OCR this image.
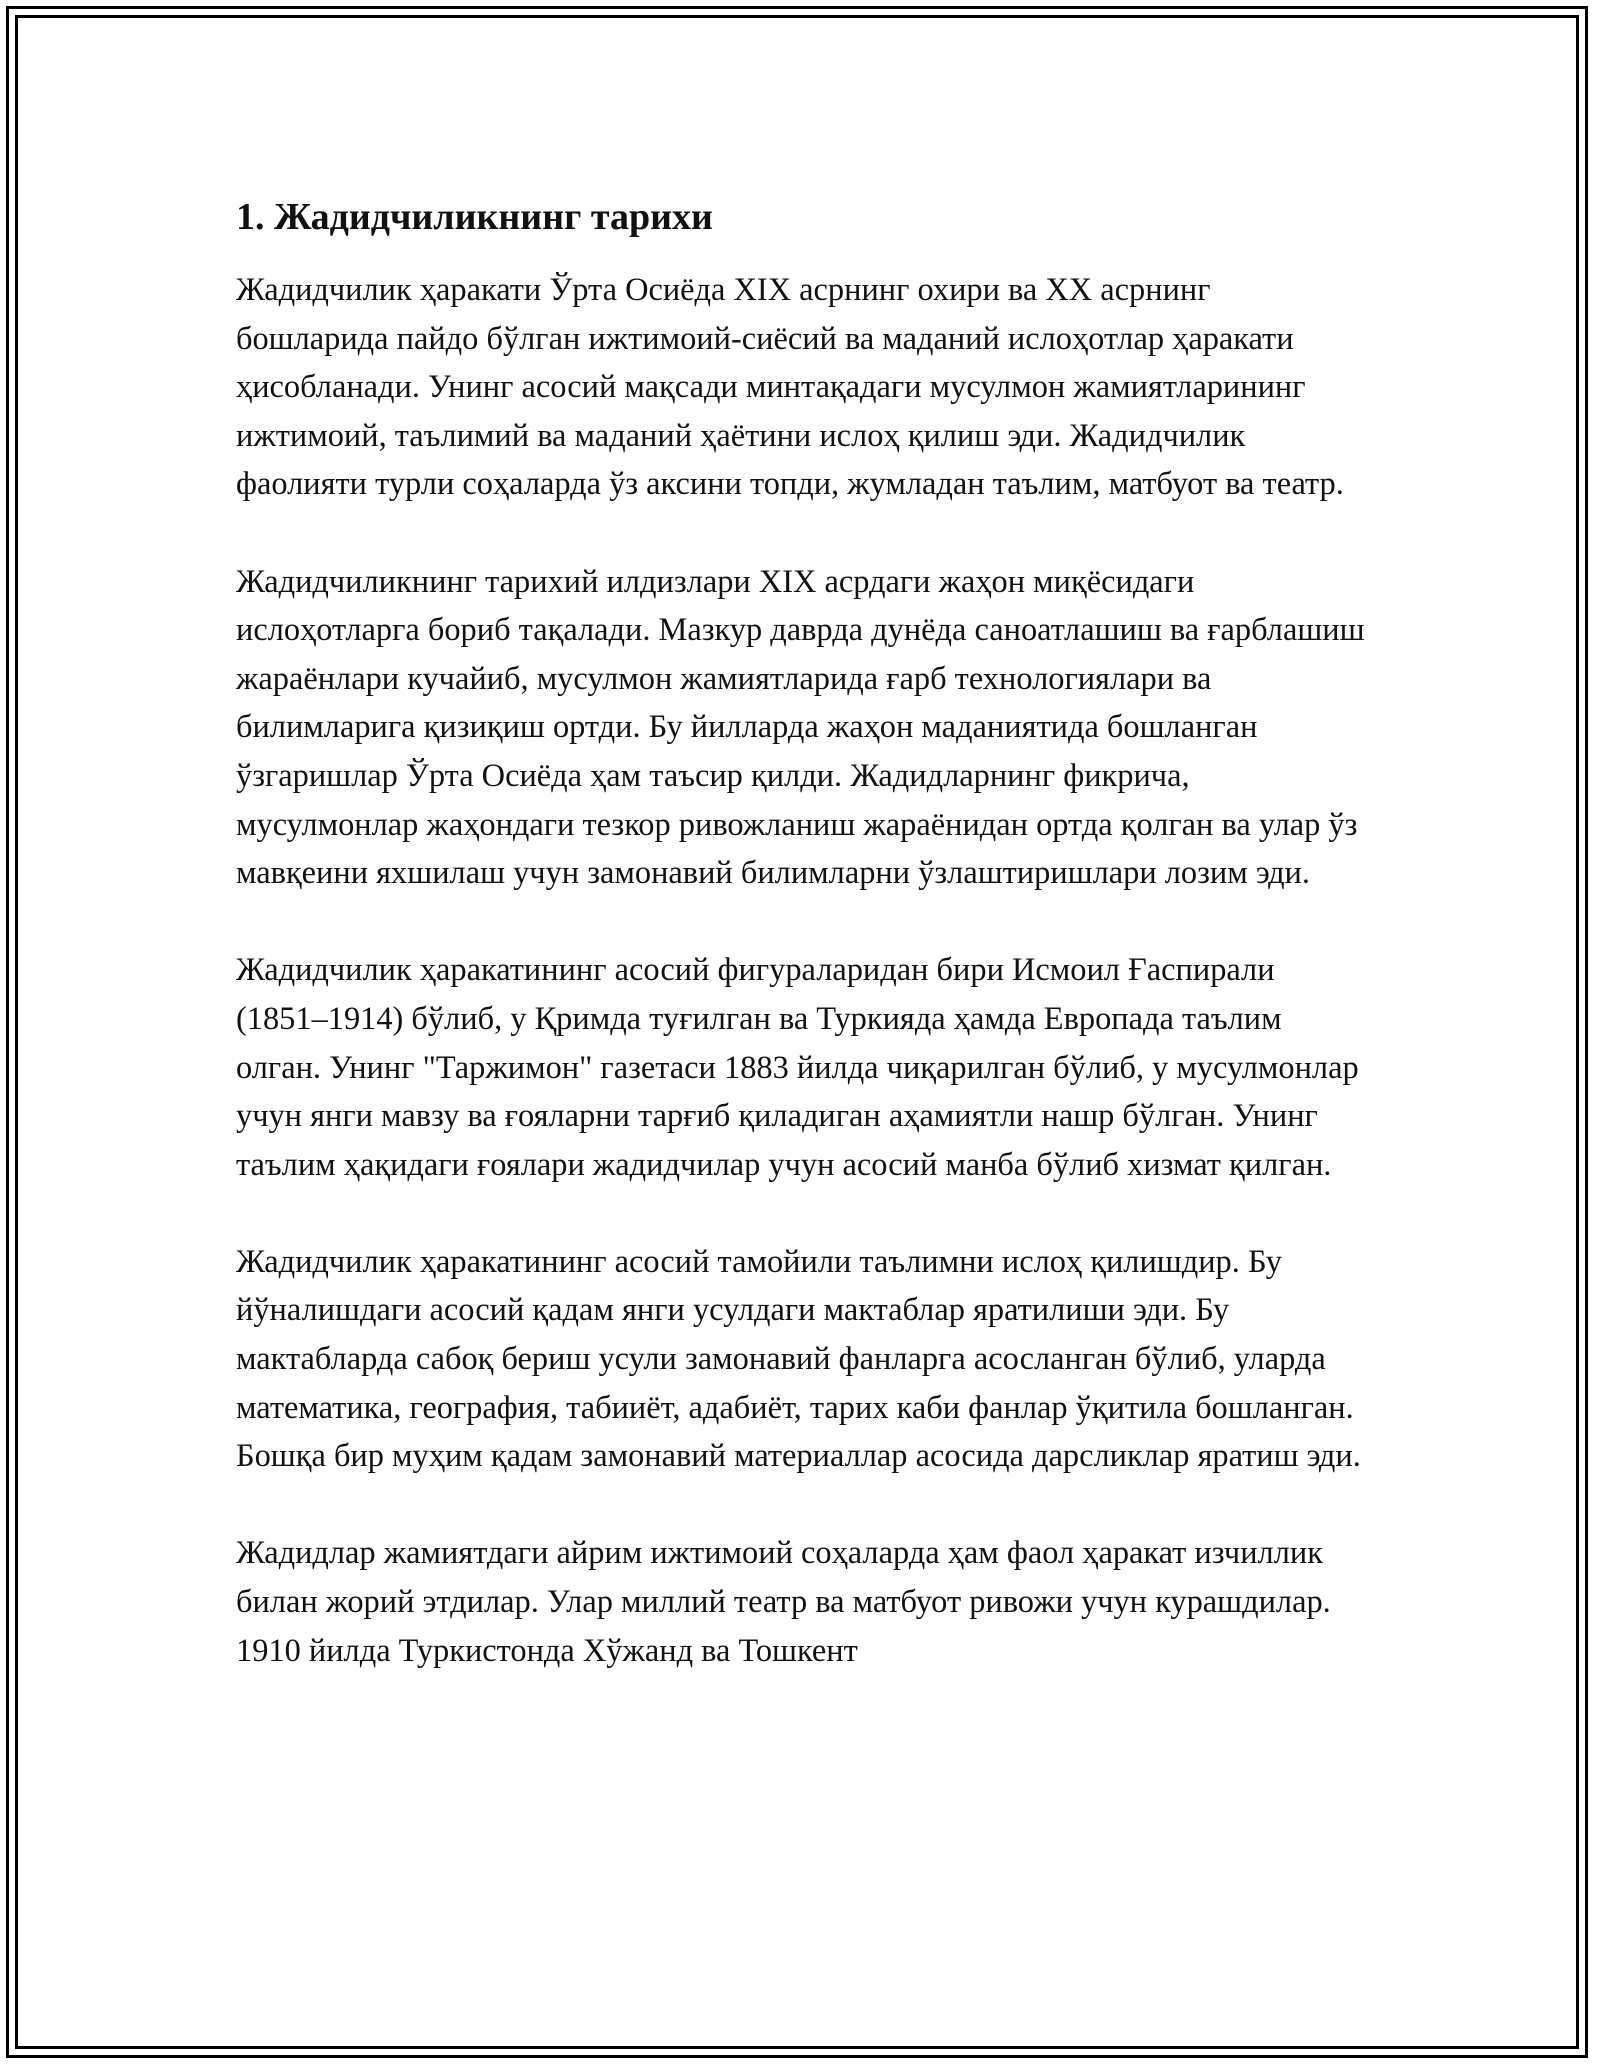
1. Жадидчиликнинг тарихи

Жадидчилик ҳаракати Ўрта Осиёда XIX асрнинг охири ва XX асрнинг бошларида пайдо бўлган ижтимоий-сиёсий ва маданий ислоҳотлар ҳаракати ҳисобланади. Унинг асосий мақсади минтақадаги мусулмон жамиятларининг ижтимоий, таълимий ва маданий ҳаётини ислоҳ қилиш эди. Жадидчилик фаолияти турли соҳаларда ўз аксини топди, жумладан таълим, матбуот ва театр.

Жадидчиликнинг тарихий илдизлари XIX асрдаги жаҳон миқёсидаги ислоҳотларга бориб тақалади. Мазкур даврда дунёда саноатлашиш ва ғарблашиш жараёнлари кучайиб, мусулмон жамиятларида ғарб технологиялари ва билимларига қизиқиш ортди. Бу йилларда жаҳон маданиятида бошланган ўзгаришлар Ўрта Осиёда ҳам таъсир қилди. Жадидларнинг фикрича, мусулмонлар жаҳондаги тезкор ривожланиш жараёнидан ортда қолган ва улар ўз мавқеини яхшилаш учун замонавий билимларни ўзлаштиришлари лозим эди.

Жадидчилик ҳаракатининг асосий фигураларидан бири Исмоил Ғаспирали (1851–1914) бўлиб, у Қримда туғилган ва Туркияда ҳамда Европада таълим олган. Унинг "Таржимон" газетаси 1883 йилда чиқарилган бўлиб, у мусулмонлар учун янги мавзу ва ғояларни тарғиб қиладиган аҳамиятли нашр бўлган. Унинг таълим ҳақидаги ғоялари жадидчилар учун асосий манба бўлиб хизмат қилган.

Жадидчилик ҳаракатининг асосий тамойили таълимни ислоҳ қилишдир. Бу йўналишдаги асосий қадам янги усулдаги мактаблар яратилиши эди. Бу мактабларда сабоқ бериш усули замонавий фанларга асосланган бўлиб, уларда математика, география, табииёт, адабиёт, тарих каби фанлар ўқитила бошланган. Бошқа бир муҳим қадам замонавий материаллар асосида дарсликлар яратиш эди.

Жадидлар жамиятдаги айрим ижтимоий соҳаларда ҳам фаол ҳаракат изчиллик билан жорий этдилар. Улар миллий театр ва матбуот ривожи учун курашдилар. 1910 йилда Туркистонда Хўжанд ва Тошкент
